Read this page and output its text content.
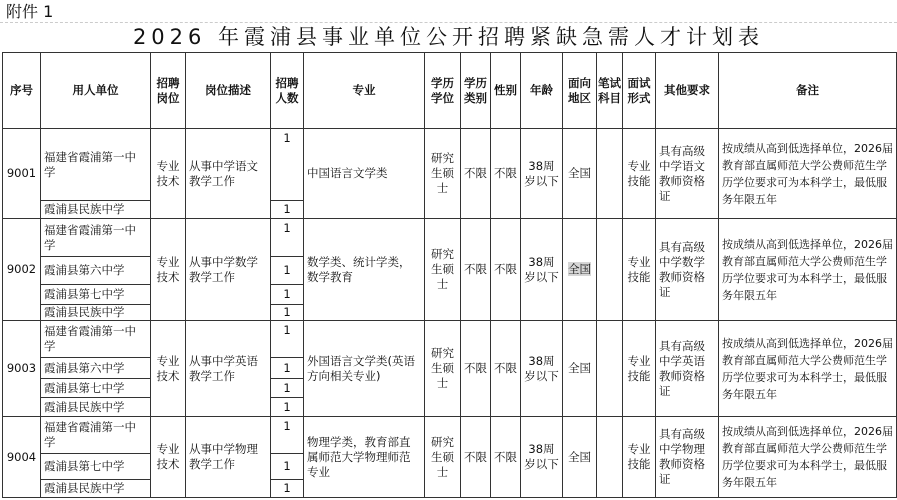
附件 1
2026 年霞浦县事业单位公开招聘紧缺急需人才计划表
序号	用人单位	招聘岗位	岗位描述	招聘人数	专业	学历学位	学历类别	性别	年龄	面向地区	笔试科目	面试形式	其他要求	备注
9001	福建省霞浦第一中学	专业技术	从事中学语文教学工作	1	中国语言文学类	研究生硕士	不限	不限	38周岁以下	全国		专业技能	具有高级中学语文教师资格证	按成绩从高到低选择单位，2026届教育部直属师范大学公费师范生学历学位要求可为本科学士，最低服务年限五年
	霞浦县民族中学			1										
9002	福建省霞浦第一中学	专业技术	从事中学数学教学工作	1	数学类、统计学类，数学教育	研究生硕士	不限	不限	38周岁以下	全国		专业技能	具有高级中学数学教师资格证	按成绩从高到低选择单位，2026届教育部直属师范大学公费师范生学历学位要求可为本科学士，最低服务年限五年
	霞浦县第六中学			1										
	霞浦县第七中学			1										
	霞浦县民族中学			1										
9003	福建省霞浦第一中学	专业技术	从事中学英语教学工作	1	外国语言文学类(英语方向相关专业)	研究生硕士	不限	不限	38周岁以下	全国		专业技能	具有高级中学英语教师资格证	按成绩从高到低选择单位，2026届教育部直属师范大学公费师范生学历学位要求可为本科学士，最低服务年限五年
	霞浦县第六中学			1										
	霞浦县第七中学			1										
	霞浦县民族中学			1										
9004	福建省霞浦第一中学	专业技术	从事中学物理教学工作	1	物理学类，教育部直属师范大学物理师范专业	研究生硕士	不限	不限	38周岁以下	全国		专业技能	具有高级中学物理教师资格证	按成绩从高到低选择单位，2026届教育部直属师范大学公费师范生学历学位要求可为本科学士，最低服务年限五年
	霞浦县第七中学			1										
	霞浦县民族中学			1										
